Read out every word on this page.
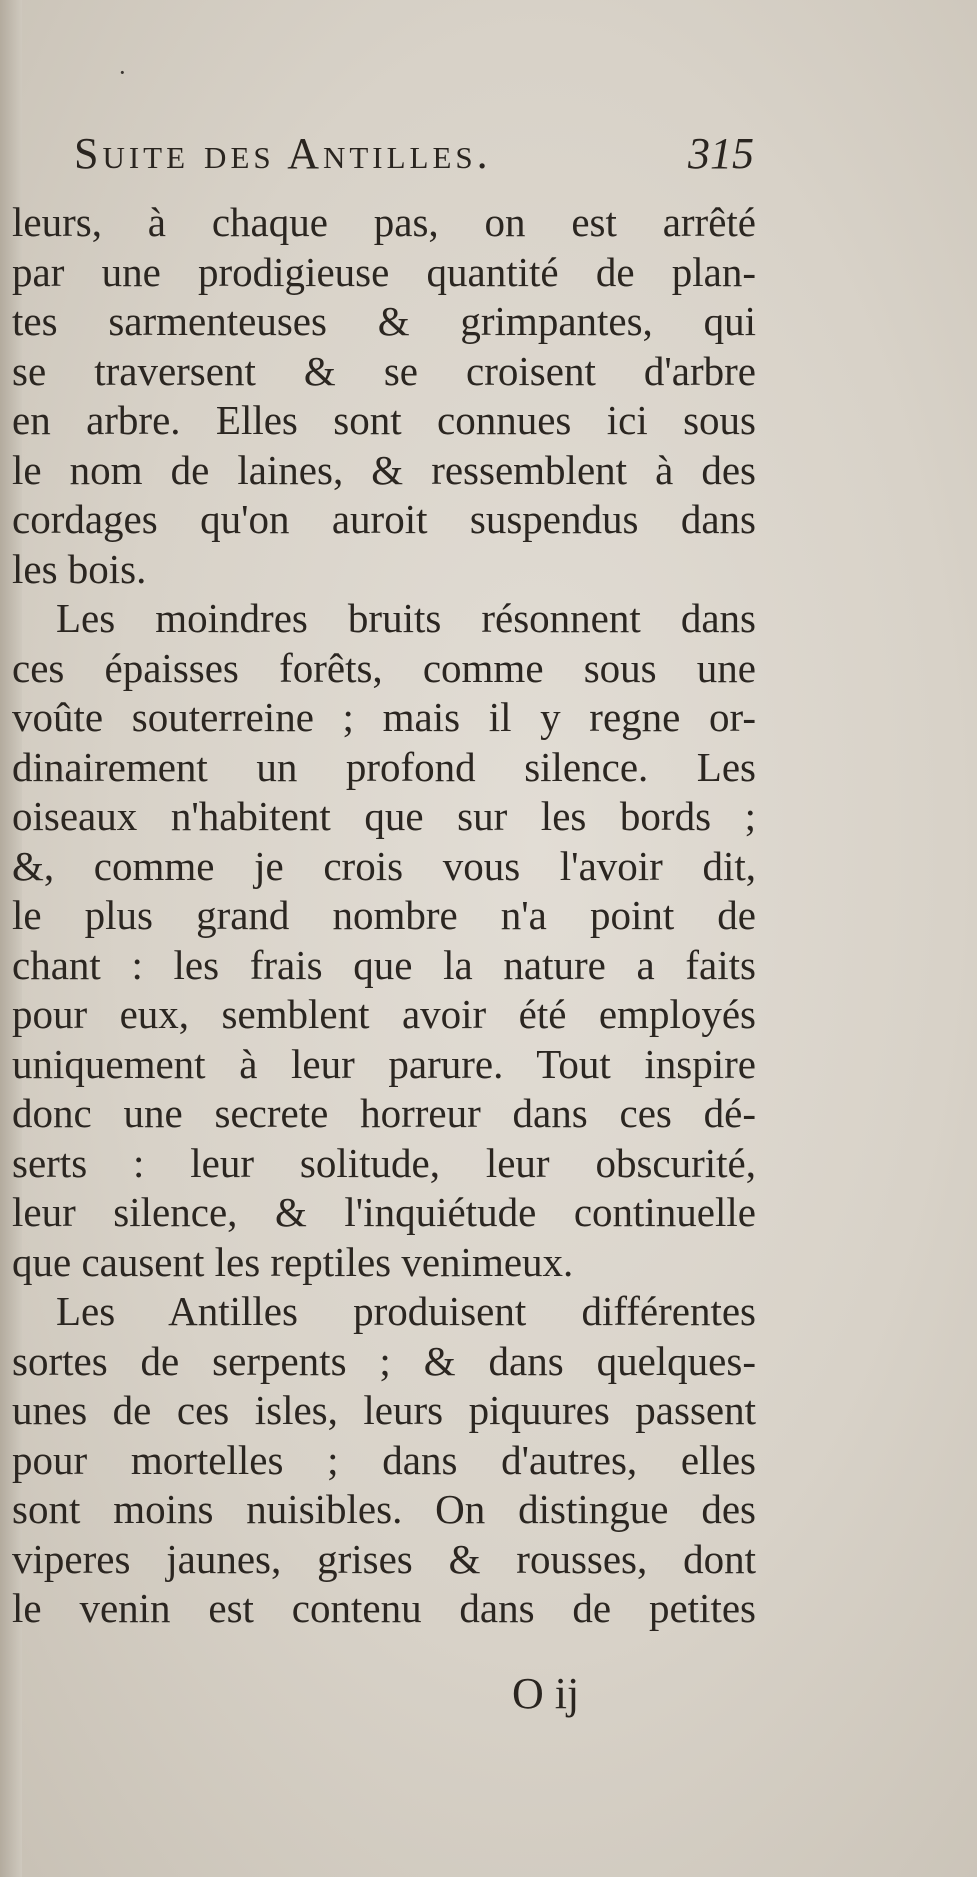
·
Suite des Antilles.	315
leurs, à chaque pas, on est arrêté
par une prodigieuse quantité de plan-
tes sarmenteuses & grimpantes, qui
se traversent & se croisent d'arbre
en arbre. Elles sont connues ici sous
le nom de laines, & ressemblent à des
cordages qu'on auroit suspendus dans
les bois.
Les moindres bruits résonnent dans
ces épaisses forêts, comme sous une
voûte souterreine ; mais il y regne or-
dinairement un profond silence. Les
oiseaux n'habitent que sur les bords ;
&, comme je crois vous l'avoir dit,
le plus grand nombre n'a point de
chant : les frais que la nature a faits
pour eux, semblent avoir été employés
uniquement à leur parure. Tout inspire
donc une secrete horreur dans ces dé-
serts : leur solitude, leur obscurité,
leur silence, & l'inquiétude continuelle
que causent les reptiles venimeux.
Les Antilles produisent différentes
sortes de serpents ; & dans quelques-
unes de ces isles, leurs piquures passent
pour mortelles ; dans d'autres, elles
sont moins nuisibles. On distingue des
viperes jaunes, grises & rousses, dont
le venin est contenu dans de petites
O ij
